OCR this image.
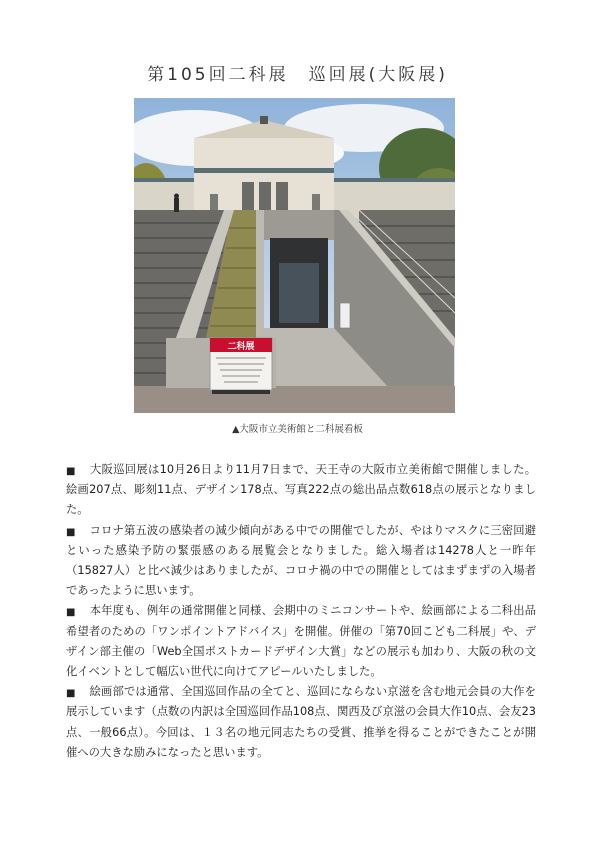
第105回二科展　巡回展(大阪展)
二科展
▲大阪市立美術館と二科展看板

■　大阪巡回展は10月26日より11月7日まで、天王寺の大阪市立美術館で開催しました。 絵画207点、彫刻11点、デザイン178点、写真222点の総出品点数618点の展示となりました。

■　コロナ第五波の感染者の減少傾向がある中での開催でしたが、やはりマスクに三密回避といった感染予防の緊張感のある展覧会となりました。総入場者は14278人と一昨年（15827人）と比べ減少はありましたが、コロナ禍の中での開催としてはまずまずの入場者であったように思います。

■　本年度も、例年の通常開催と同様、会期中のミニコンサートや、絵画部による二科出品希望者のための「ワンポイントアドバイス」を開催。併催の「第70回こども二科展」や、デザイン部主催の「Web全国ポストカードデザイン大賞」などの展示も加わり、大阪の秋の文化イベントとして幅広い世代に向けてアピールいたしました。

■　絵画部では通常、全国巡回作品の全てと、巡回にならない京滋を含む地元会員の大作を展示しています（点数の内訳は全国巡回作品108点、関西及び京滋の会員大作10点、会友23点、一般66点）。今回は、１３名の地元同志たちの受賞、推挙を得ることができたことが開催への大きな励みになったと思います。
